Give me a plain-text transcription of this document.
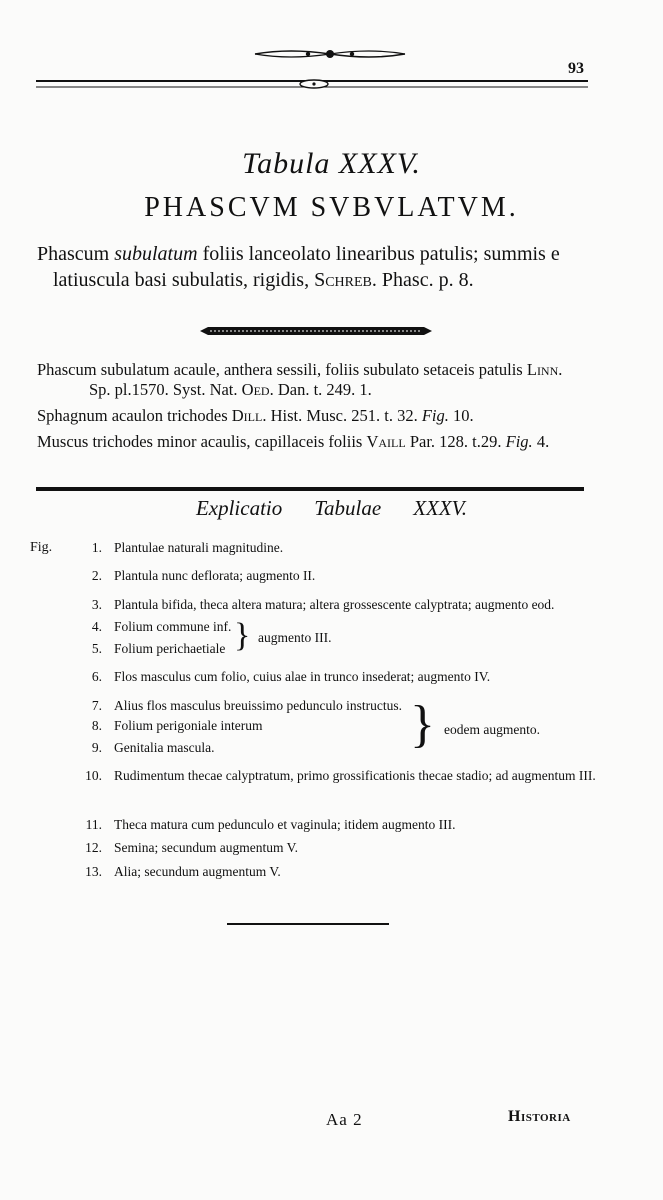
93
Tabula XXXV.
PHASCVM SVBVLATVM.
Phascum subulatum foliis lanceolato linearibus patulis; summis e
latiuscula basi subulatis, rigidis, Schreb. Phasc. p. 8.
Phascum subulatum acaule, anthera sessili, foliis subulato setaceis patulis Linn.
Sp. pl.1570. Syst. Nat. Oed. Dan. t. 249. 1.
Sphagnum acaulon trichodes Dill. Hist. Musc. 251. t. 32. Fig. 10.
Muscus trichodes minor acaulis, capillaceis foliis Vaill Par. 128. t.29. Fig. 4.
Explicatio Tabulae XXXV.
Fig.	1. Plantulae naturali magnitudine.
2. Plantula nunc deflorata; augmento II.
3. Plantula bifida, theca altera matura; altera grossescente calyptrata; augmento eod.
4. Folium commune inf.
5. Folium perichaetiale } augmento III.
6. Flos masculus cum folio, cuius alae in trunco insederat; augmento IV.
7. Alius flos masculus breuissimo pedunculo instructus.
8. Folium perigoniale interum
9. Genitalia mascula.	} eodem augmento.
10. Rudimentum thecae calyptratum, primo grossificationis thecae stadio; ad augmentum III.
11. Theca matura cum pedunculo et vaginula; itidem augmento III.
12. Semina; secundum augmentum V.
13. Alia; secundum augmentum V.
Aa 2	Historia
